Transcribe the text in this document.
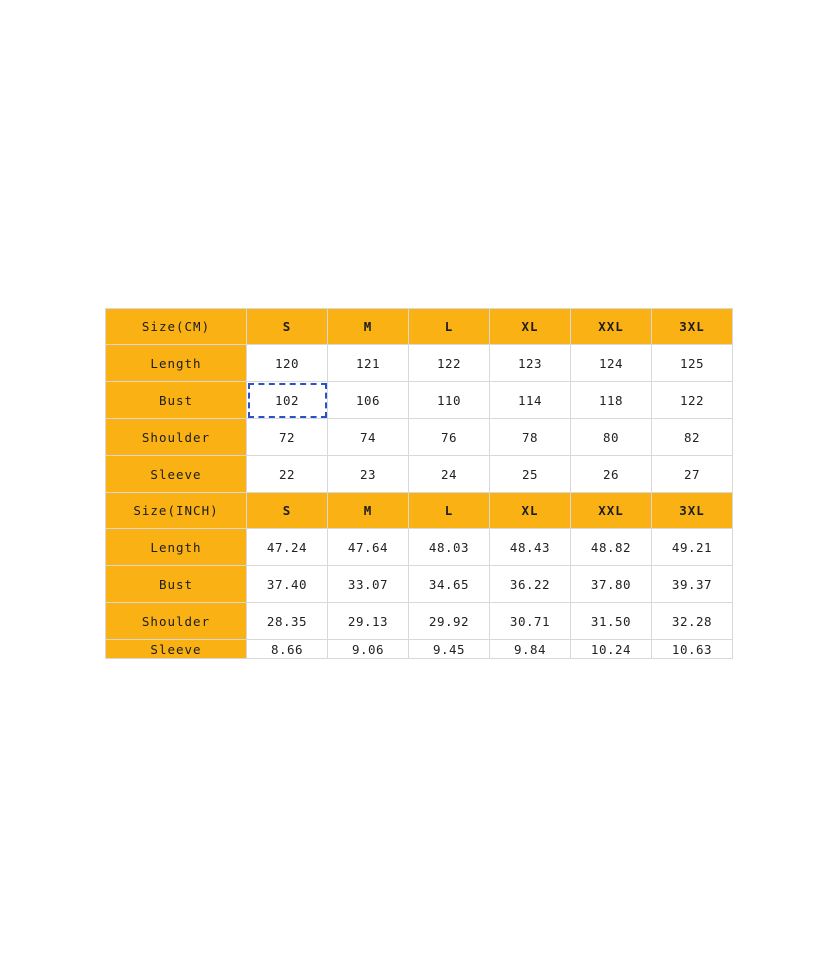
Size(CM)	S	M	L	XL	XXL	3XL
Length	120	121	122	123	124	125
Bust	102	106	110	114	118	122
Shoulder	72	74	76	78	80	82
Sleeve	22	23	24	25	26	27
Size(INCH)	S	M	L	XL	XXL	3XL
Length	47.24	47.64	48.03	48.43	48.82	49.21
Bust	37.40	33.07	34.65	36.22	37.80	39.37
Shoulder	28.35	29.13	29.92	30.71	31.50	32.28
Sleeve	8.66	9.06	9.45	9.84	10.24	10.63
